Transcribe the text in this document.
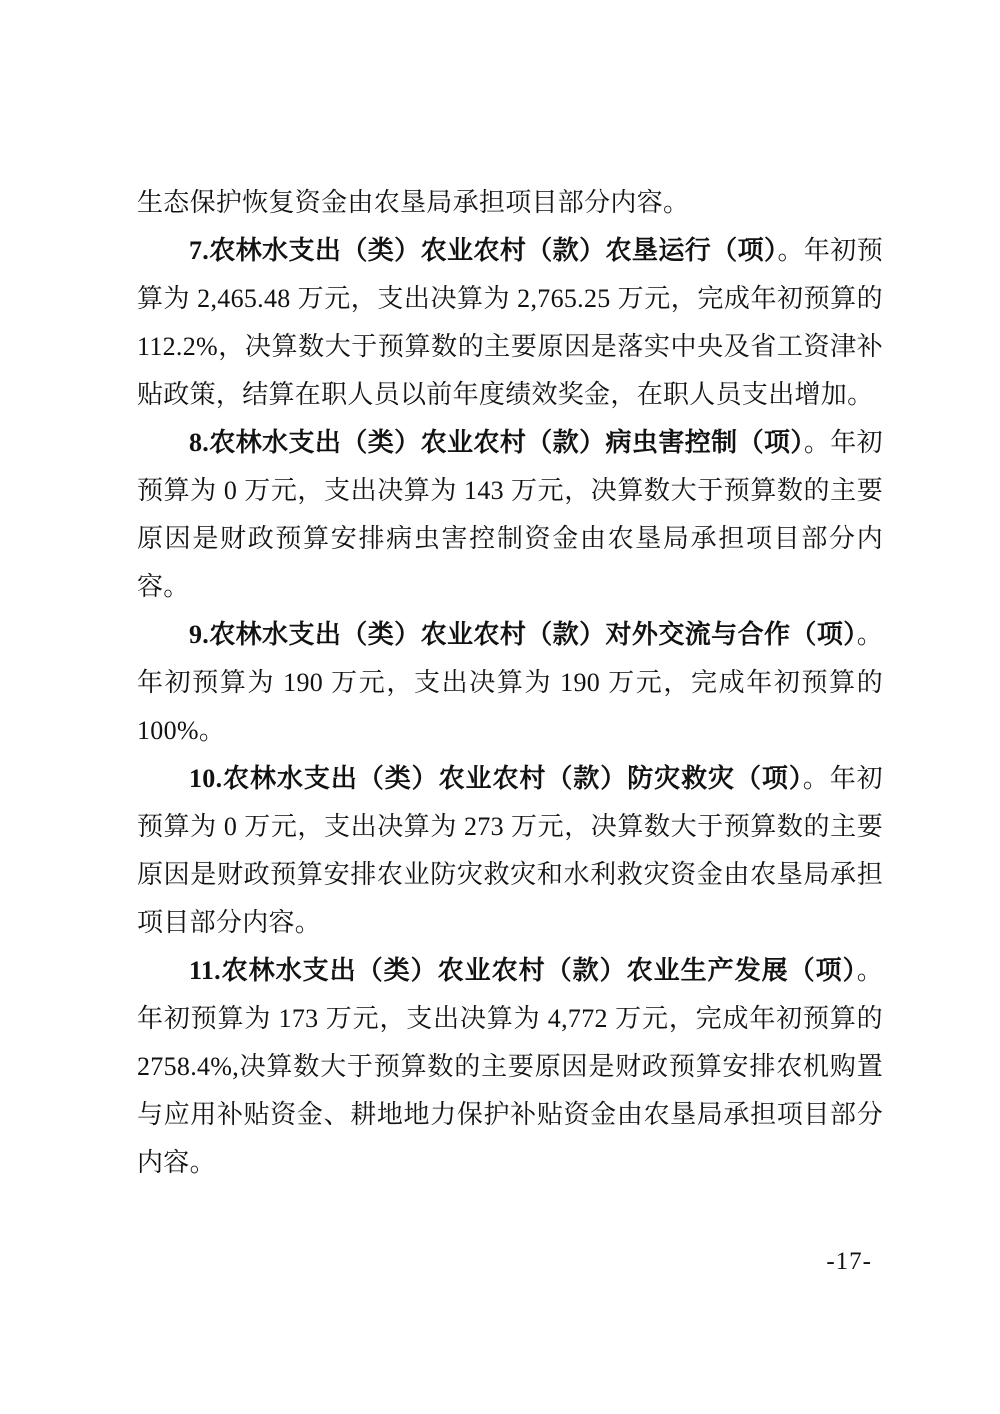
生态保护恢复资金由农垦局承担项目部分内容。

7.农林水支出（类）农业农村（款）农垦运行（项）。年初预算为 2,465.48 万元，支出决算为 2,765.25 万元，完成年初预算的 112.2%，决算数大于预算数的主要原因是落实中央及省工资津补贴政策，结算在职人员以前年度绩效奖金，在职人员支出增加。

8.农林水支出（类）农业农村（款）病虫害控制（项）。年初预算为 0 万元，支出决算为 143 万元，决算数大于预算数的主要原因是财政预算安排病虫害控制资金由农垦局承担项目部分内容。

9.农林水支出（类）农业农村（款）对外交流与合作（项）。年初预算为 190 万元，支出决算为 190 万元，完成年初预算的 100%。

10.农林水支出（类）农业农村（款）防灾救灾（项）。年初预算为 0 万元，支出决算为 273 万元，决算数大于预算数的主要原因是财政预算安排农业防灾救灾和水利救灾资金由农垦局承担项目部分内容。

11.农林水支出（类）农业农村（款）农业生产发展（项）。年初预算为 173 万元，支出决算为 4,772 万元，完成年初预算的 2758.4%,决算数大于预算数的主要原因是财政预算安排农机购置与应用补贴资金、耕地地力保护补贴资金由农垦局承担项目部分内容。

-17-
